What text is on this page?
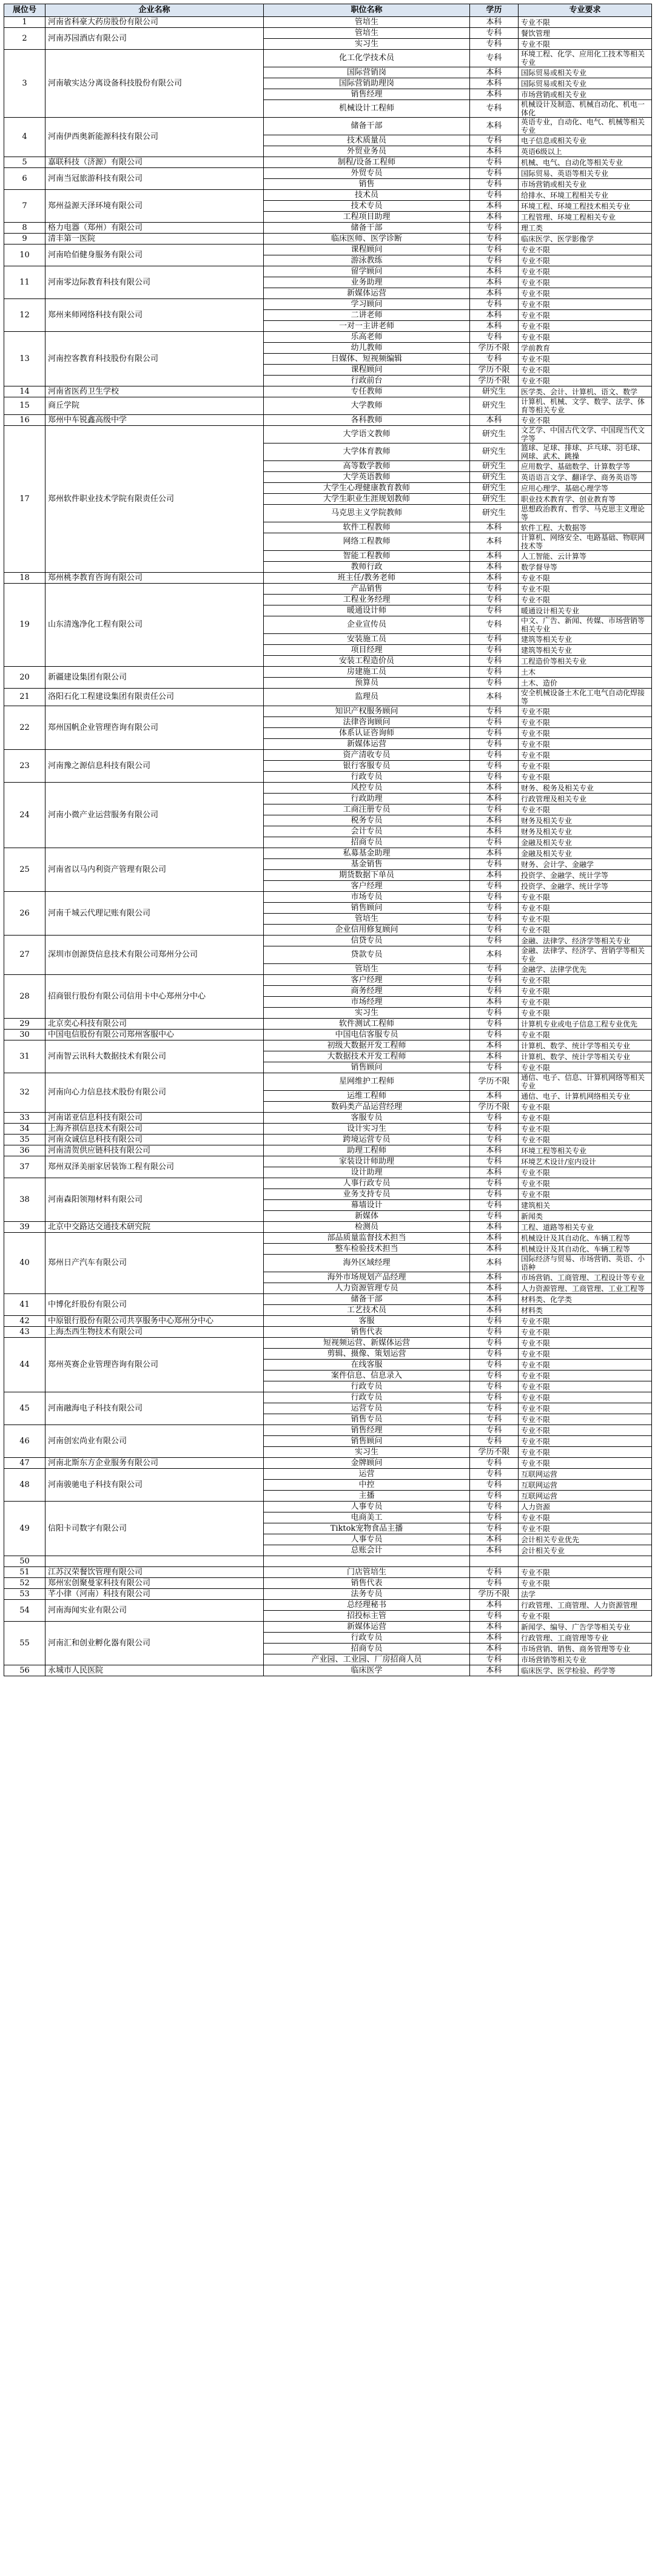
展位号	企业名称	职位名称	学历	专业要求
1	河南省科豪大药房股份有限公司	管培生	本科	专业不限
2	河南苏园酒店有限公司	管培生	专科	餐饮管理
		实习生	专科	专业不限
3	河南敏实达分离设备科技股份有限公司	化工化学技术员	专科	环境工程、化学、应用化工技术等相关专业
		国际营销岗	本科	国际贸易或相关专业
		国际营销助理岗	本科	国际贸易或相关专业
		销售经理	本科	市场营销或相关专业
		机械设计工程师	专科	机械设计及制造、机械自动化、机电一体化
4	河南伊西奥新能源科技有限公司	储备干部	本科	英语专业，自动化、电气、机械等相关专业
		技术质量员	专科	电子信息或相关专业
		外贸业务员	本科	英语6级以上
5	嘉联科技（济源）有限公司	制程/设备工程师	专科	机械、电气、自动化等相关专业
6	河南当冠旅游科技有限公司	外贸专员	专科	国际贸易、英语等相关专业
		销售	专科	市场营销或相关专业
7	郑州益源天泽环境有限公司	技术员	专科	给排水、环境工程相关专业
		技术专员	本科	环境工程、环境工程技术相关专业
		工程项目助理	本科	工程管理、环境工程相关专业
8	格力电器（郑州）有限公司	储备干部	专科	理工类
9	清丰第一医院	临床医师、医学诊断	专科	临床医学、医学影像学
10	河南哈佰健身服务有限公司	课程顾问	专科	专业不限
		游泳教练	专科	专业不限
11	河南零边际教育科技有限公司	留学顾问	本科	专业不限
		业务助理	本科	专业不限
		新媒体运营	本科	专业不限
12	郑州来师网络科技有限公司	学习顾问	专科	专业不限
		二讲老师	本科	专业不限
		一对一主讲老师	本科	专业不限
13	河南控客教育科技股份有限公司	乐高老师	专科	专业不限
		幼儿教师	学历不限	学前教育
		日媒体、短视频编辑	专科	专业不限
		课程顾问	学历不限	专业不限
		行政前台	学历不限	专业不限
14	河南省医药卫生学校	专任教师	研究生	医学类、会计、计算机、语文、数学
15	商丘学院	大学教师	研究生	计算机、机械、文学、数学、法学、体育等相关专业
16	郑州中车锐鑫高级中学	各科教师	本科	专业不限
17	郑州软件职业技术学院有限责任公司	大学语文教师	研究生	文艺学、中国古代文学、中国现当代文学等
		大学体育教师	研究生	篮球、足球、排球、乒乓球、羽毛球、网球、武术、跳操
		高等数学教师	研究生	应用数学、基础数学、计算数学等
		大学英语教师	研究生	英语语言文学、翻译学、商务英语等
		大学生心理健康教育教师	研究生	应用心理学、基础心理学等
		大学生职业生涯规划教师	研究生	职业技术教育学、创业教育等
		马克思主义学院教师	研究生	思想政治教育、哲学、马克思主义理论等
		软件工程教师	本科	软件工程、大数据等
		网络工程教师	本科	计算机、网络安全、电路基础、物联网技术等
		智能工程教师	本科	人工智能、云计算等
		教师行政	本科	数学督导等
18	郑州桃李教育咨询有限公司	班主任/教务老师	本科	专业不限
19	山东清逸净化工程有限公司	产品销售	专科	专业不限
		工程业务经理	专科	专业不限
		暖通设计师	专科	暖通设计相关专业
		企业宣传员	专科	中文、广告、新闻、传媒、市场营销等相关专业
		安装施工员	专科	建筑等相关专业
		项目经理	专科	建筑等相关专业
		安装工程造价员	专科	工程造价等相关专业
20	新疆建设集团有限公司	房建施工员	专科	土木
		预算员	专科	土木、造价
21	洛阳石化工程建设集团有限责任公司	监理员	本科	安全机械设备土木化工电气自动化焊接等
22	郑州国帆企业管理咨询有限公司	知识产权服务顾问	专科	专业不限
		法律咨询顾问	专科	专业不限
		体系认证咨询师	专科	专业不限
		新媒体运营	专科	专业不限
23	河南豫之源信息科技有限公司	资产清收专员	专科	专业不限
		银行客服专员	专科	专业不限
		行政专员	专科	专业不限
24	河南小微产业运营服务有限公司	风控专员	本科	财务、税务及相关专业
		行政助理	本科	行政管理及相关专业
		工商注册专员	专科	专业不限
		税务专员	本科	财务及相关专业
		会计专员	本科	财务及相关专业
		招商专员	专科	金融及相关专业
25	河南省以马内利资产管理有限公司	私募基金助理	本科	金融及相关专业
		基金销售	专科	财务、会计学、金融学
		期货数据下单员	本科	投资学、金融学、统计学等
		客户经理	专科	投资学、金融学、统计学等
26	河南千城云代理记账有限公司	市场专员	专科	专业不限
		销售顾问	专科	专业不限
		管培生	专科	专业不限
		企业信用修复顾问	专科	专业不限
27	深圳市创源贷信息技术有限公司郑州分公司	信贷专员	专科	金融、法律学、经济学等相关专业
		贷款专员	本科	金融、法律学、经济学、营销学等相关专业
		管培生	专科	金融学、法律学优先
28	招商银行股份有限公司信用卡中心郑州分中心	客户经理	专科	专业不限
		商务经理	专科	专业不限
		市场经理	本科	专业不限
		实习生	专科	专业不限
29	北京奕心科技有限公司	软件测试工程师	专科	计算机专业或电子信息工程专业优先
30	中国电信股份有限公司郑州客服中心	中国电信客服专员	专科	专业不限
31	河南智云讯科大数据技术有限公司	初级大数据开发工程师	本科	计算机、数学、统计学等相关专业
		大数据技术开发工程师	本科	计算机、数学、统计学等相关专业
		销售顾问	专科	专业不限
32	河南向心力信息技术股份有限公司	星网维护工程师	学历不限	通信、电子、信息、计算机网络等相关专业
		运维工程师	本科	通信、电子、计算机网络相关专业
		数码类产品运营经理	学历不限	专业不限
33	河南诺亚信息科技有限公司	客服专员	专科	专业不限
34	上海齐祺信息技术有限公司	设计实习生	专科	专业不限
35	河南众诚信息科技有限公司	跨境运营专员	专科	专业不限
36	河南清贺供应链科技有限公司	助理工程师	本科	环境工程等相关专业
37	郑州双泽美丽家居装饰工程有限公司	家装设计师助理	专科	环境艺术设计/室内设计
		设计助理	本科	专业不限
38	河南森阳领翔材料有限公司	人事行政专员	专科	专业不限
		业务支持专员	专科	专业不限
		幕墙设计	专科	建筑相关
		新媒体	专科	新闻类
39	北京中交路达交通技术研究院	检测员	本科	工程、道路等相关专业
40	郑州日产汽车有限公司	部品质量监督技术担当	本科	机械设计及其自动化、车辆工程等
		整车检验技术担当	本科	机械设计及其自动化、车辆工程等
		海外区域经理	本科	国际经济与贸易、市场营销、英语、小语种
		海外市场规划产品经理	本科	市场营销、工商管理、工程设计等专业
		人力资源管理专员	本科	人力资源管理、工商管理、工业工程等
41	中博化纤股份有限公司	储备干部	本科	材料类、化学类
		工艺技术员	本科	材料类
42	中原银行股份有限公司共享服务中心郑州分中心	客服	专科	专业不限
43	上海杰西生物技术有限公司	销售代表	专科	专业不限
44	郑州英赛企业管理咨询有限公司	短视频运营、新媒体运营	专科	专业不限
		剪辑、摄像、策划运营	专科	专业不限
		在线客服	专科	专业不限
		案件信息、信息录入	专科	专业不限
		行政专员	专科	专业不限
45	河南融海电子科技有限公司	行政专员	专科	专业不限
		运营专员	专科	专业不限
		销售专员	专科	专业不限
46	河南创宏尚业有限公司	销售经理	专科	专业不限
		销售顾问	专科	专业不限
		实习生	学历不限	专业不限
47	河南北斯东方企业服务有限公司	金牌顾问	专科	专业不限
48	河南骏驰电子科技有限公司	运营	专科	互联网运营
		中控	专科	互联网运营
		主播	专科	互联网运营
49	信阳卡司数字有限公司	人事专员	专科	人力资源
		电商美工	专科	专业不限
		Tiktok宠物食品主播	专科	专业不限
		人事专员	本科	会计相关专业优先
		总账会计	本科	会计相关专业
50				
51	江苏汉荣餐饮管理有限公司	门店管培生	专科	专业不限
52	郑州宏创聚曼家科技有限公司	销售代表	专科	专业不限
53	芊小律（河南）科技有限公司	法务专员	学历不限	法学
54	河南海闻实业有限公司	总经理秘书	本科	行政管理、工商管理、人力资源管理
		招投标主管	专科	专业不限
55	河南汇和创业孵化器有限公司	新媒体运营	本科	新闻学、编导、广告学等相关专业
		行政专员	本科	行政管理、工商管理等专业
		招商专员	本科	市场营销、销售、商务管理等专业
		产业园、工业园、厂房招商人员	专科	市场营销等相关专业
56	永城市人民医院	临床医学	本科	临床医学、医学检验、药学等
